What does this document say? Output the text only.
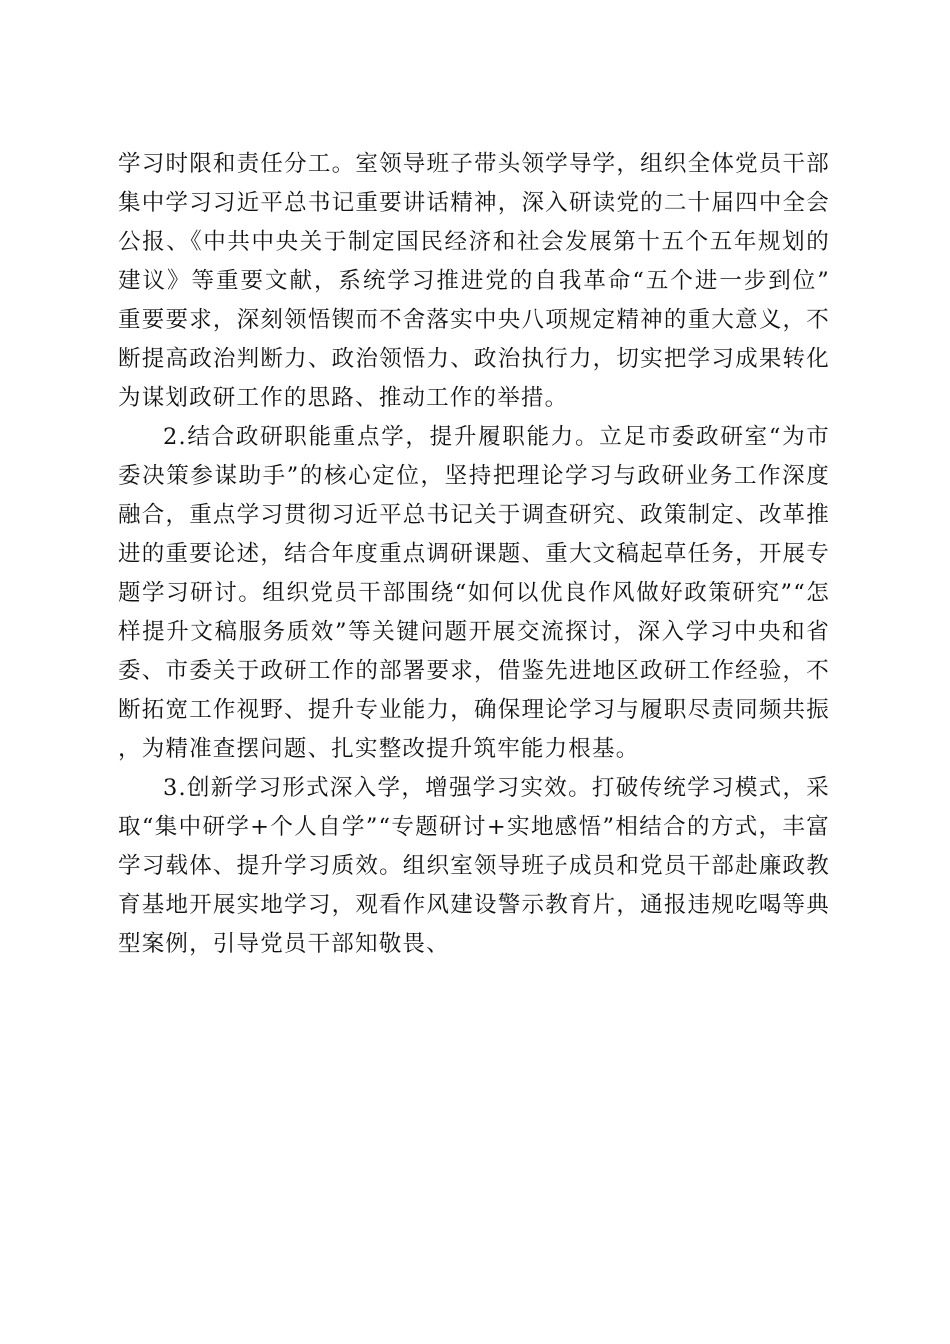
学习时限和责任分工。室领导班子带头领学导学，组织全体党员干部集中学习习近平总书记重要讲话精神，深入研读党的二十届四中全会公报、《中共中央关于制定国民经济和社会发展第十五个五年规划的建议》等重要文献，系统学习推进党的自我革命“五个进一步到位”重要要求，深刻领悟锲而不舍落实中央八项规定精神的重大意义，不断提高政治判断力、政治领悟力、政治执行力，切实把学习成果转化为谋划政研工作的思路、推动工作的举措。

2.结合政研职能重点学，提升履职能力。立足市委政研室“为市委决策参谋助手”的核心定位，坚持把理论学习与政研业务工作深度融合，重点学习贯彻习近平总书记关于调查研究、政策制定、改革推进的重要论述，结合年度重点调研课题、重大文稿起草任务，开展专题学习研讨。组织党员干部围绕“如何以优良作风做好政策研究”“怎样提升文稿服务质效”等关键问题开展交流探讨，深入学习中央和省委、市委关于政研工作的部署要求，借鉴先进地区政研工作经验，不断拓宽工作视野、提升专业能力，确保理论学习与履职尽责同频共振，为精准查摆问题、扎实整改提升筑牢能力根基。

3.创新学习形式深入学，增强学习实效。打破传统学习模式，采取“集中研学+个人自学”“专题研讨+实地感悟”相结合的方式，丰富学习载体、提升学习质效。组织室领导班子成员和党员干部赴廉政教育基地开展实地学习，观看作风建设警示教育片，通报违规吃喝等典型案例，引导党员干部知敬畏、
